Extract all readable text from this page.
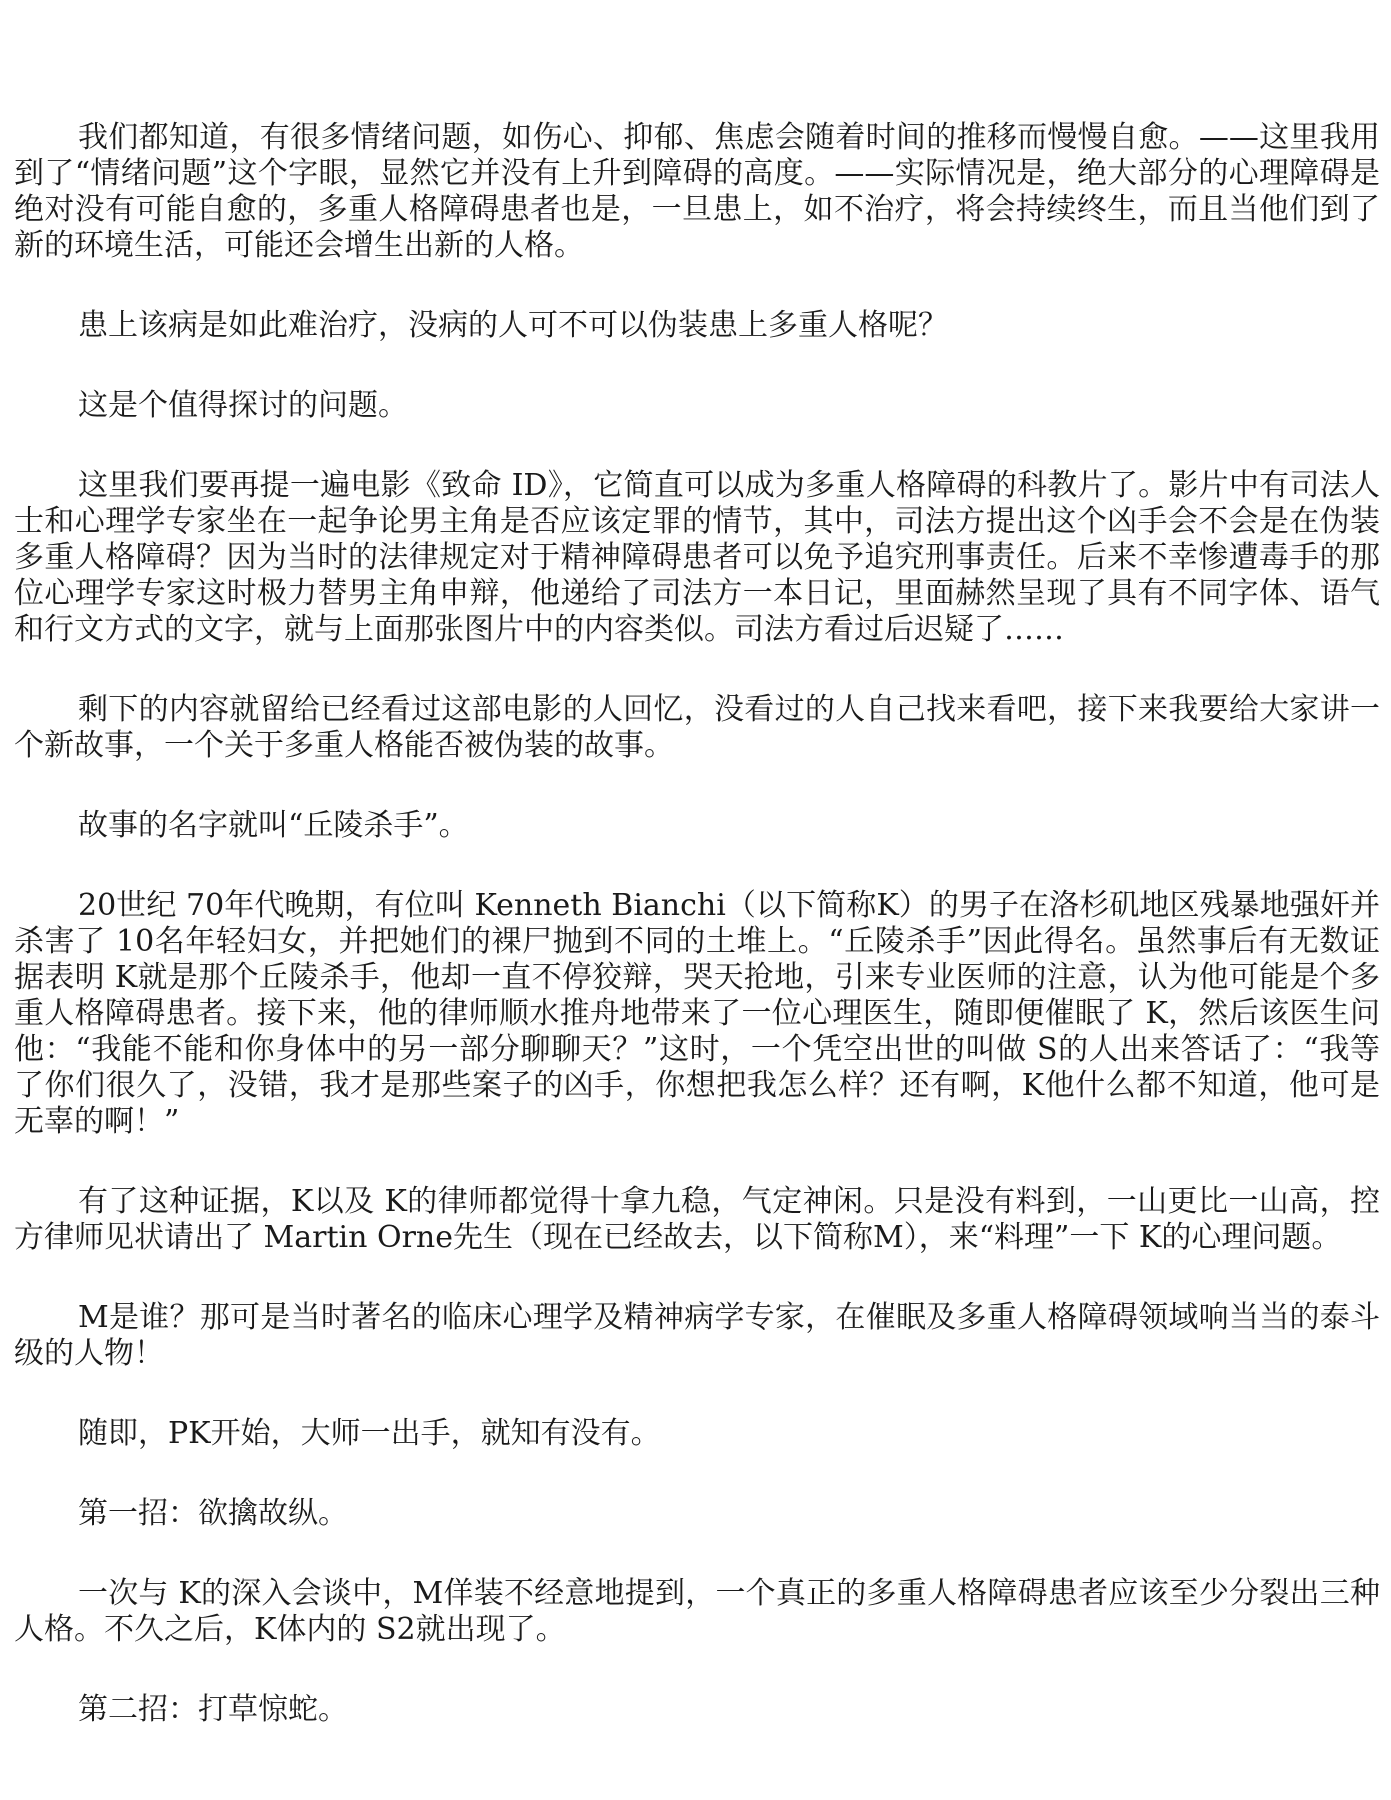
我们都知道，有很多情绪问题，如伤心、抑郁、焦虑会随着时间的推移而慢慢自愈。——这里我用到了“情绪问题”这个字眼，显然它并没有上升到障碍的高度。——实际情况是，绝大部分的心理障碍是绝对没有可能自愈的，多重人格障碍患者也是，一旦患上，如不治疗，将会持续终生，而且当他们到了新的环境生活，可能还会增生出新的人格。

患上该病是如此难治疗，没病的人可不可以伪装患上多重人格呢？

这是个值得探讨的问题。

这里我们要再提一遍电影《致命 ID》，它简直可以成为多重人格障碍的科教片了。影片中有司法人士和心理学专家坐在一起争论男主角是否应该定罪的情节，其中，司法方提出这个凶手会不会是在伪装多重人格障碍？因为当时的法律规定对于精神障碍患者可以免予追究刑事责任。后来不幸惨遭毒手的那位心理学专家这时极力替男主角申辩，他递给了司法方一本日记，里面赫然呈现了具有不同字体、语气和行文方式的文字，就与上面那张图片中的内容类似。司法方看过后迟疑了……

剩下的内容就留给已经看过这部电影的人回忆，没看过的人自己找来看吧，接下来我要给大家讲一个新故事，一个关于多重人格能否被伪装的故事。

故事的名字就叫“丘陵杀手”。

20世纪 70年代晚期，有位叫 Kenneth Bianchi（以下简称K）的男子在洛杉矶地区残暴地强奸并杀害了 10名年轻妇女，并把她们的裸尸抛到不同的土堆上。“丘陵杀手”因此得名。虽然事后有无数证据表明 K就是那个丘陵杀手，他却一直不停狡辩，哭天抢地，引来专业医师的注意，认为他可能是个多重人格障碍患者。接下来，他的律师顺水推舟地带来了一位心理医生，随即便催眠了 K，然后该医生问他：“我能不能和你身体中的另一部分聊聊天？”这时，一个凭空出世的叫做 S的人出来答话了：“我等了你们很久了，没错，我才是那些案子的凶手，你想把我怎么样？还有啊，K他什么都不知道，他可是无辜的啊！”

有了这种证据，K以及 K的律师都觉得十拿九稳，气定神闲。只是没有料到，一山更比一山高，控方律师见状请出了 Martin Orne先生（现在已经故去，以下简称M），来“料理”一下 K的心理问题。

M是谁？那可是当时著名的临床心理学及精神病学专家，在催眠及多重人格障碍领域响当当的泰斗级的人物！

随即，PK开始，大师一出手，就知有没有。

第一招：欲擒故纵。

一次与 K的深入会谈中，M佯装不经意地提到，一个真正的多重人格障碍患者应该至少分裂出三种人格。不久之后，K体内的 S2就出现了。

第二招：打草惊蛇。
